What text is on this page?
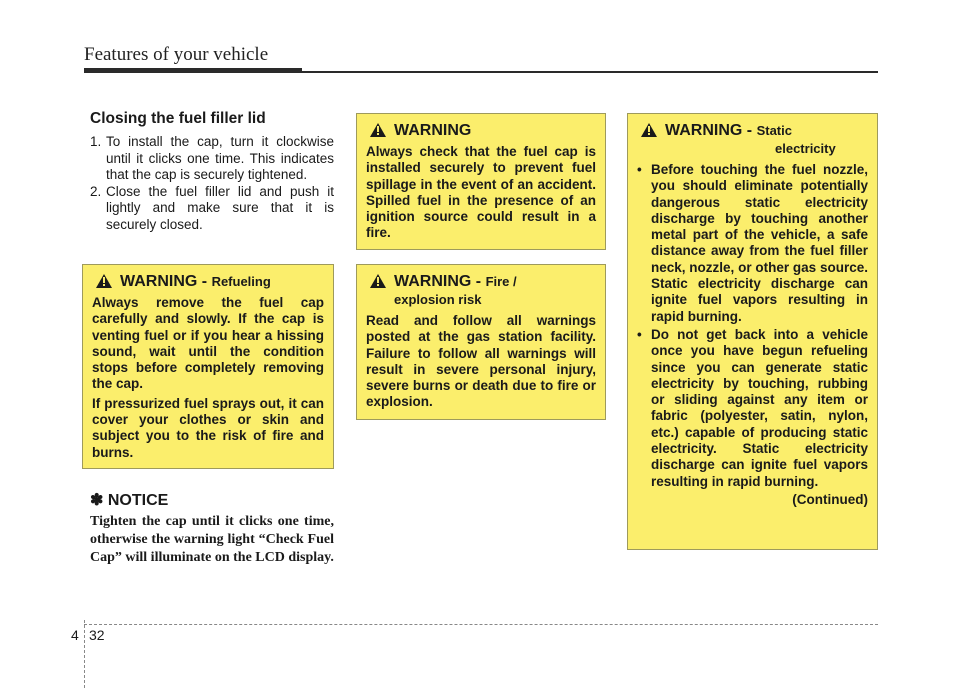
Features of your vehicle
Closing the fuel filler lid

1. To install the cap, turn it clockwise until it clicks one time. This indicates that the cap is securely tightened.

2. Close the fuel filler lid and push it lightly and make sure that it is securely closed.

WARNING - Refueling

Always remove the fuel cap carefully and slowly. If the cap is venting fuel or if you hear a hissing sound, wait until the condition stops before completely removing the cap.

If pressurized fuel sprays out, it can cover your clothes or skin and subject you to the risk of fire and burns.

✽ NOTICE
Tighten the cap until it clicks one time, otherwise the warning light “Check Fuel Cap” will illuminate on the LCD display.
WARNING
Always check that the fuel cap is installed securely to prevent fuel spillage in the event of an accident. Spilled fuel in the presence of an ignition source could result in a fire.
WARNING - Fire /
explosion risk
Read and follow all warnings posted at the gas station facility. Failure to follow all warnings will result in severe personal injury, severe burns or death due to fire or explosion.
WARNING - Static
electricity
• Before touching the fuel nozzle, you should eliminate potentially dangerous static electricity discharge by touching another metal part of the vehicle, a safe distance away from the fuel filler neck, nozzle, or other gas source. Static electricity discharge can ignite fuel vapors resulting in rapid burning.
• Do not get back into a vehicle once you have begun refueling since you can generate static electricity by touching, rubbing or sliding against any item or fabric (polyester, satin, nylon, etc.) capable of producing static electricity. Static electricity discharge can ignite fuel vapors resulting in rapid burning.
(Continued)
4 32
